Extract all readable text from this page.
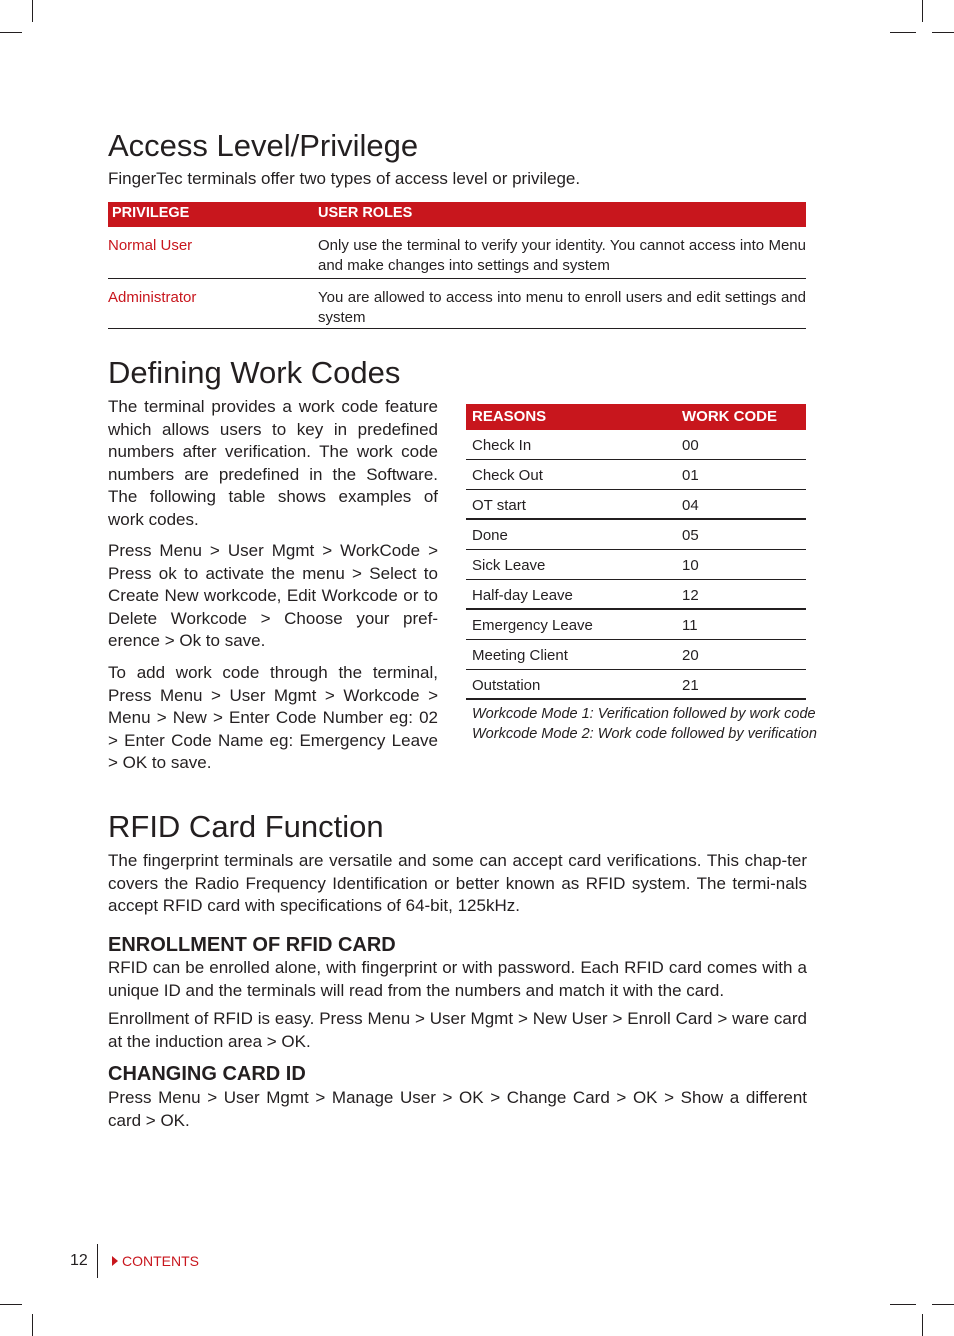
Access Level/Privilege

FingerTec terminals offer two types of access level or privilege.

PRIVILEGE	USER ROLES
Normal User	Only use the terminal to verify your identity. You cannot access into Menu and make changes into settings and system
Administrator	You are allowed to access into menu to enroll users and edit settings and system
Defining Work Codes

The terminal provides a work code feature which allows users to key in predefined numbers after verification. The work code numbers are predefined in the Software. The following table shows examples of work codes.

Press Menu > User Mgmt > WorkCode > Press ok to activate the menu > Select to Create New workcode, Edit Workcode or to Delete Workcode > Choose your pref-erence > Ok to save.

To add work code through the terminal, Press Menu > User Mgmt > Workcode > Menu > New > Enter Code Number eg: 02 > Enter Code Name eg: Emergency Leave > OK to save.

REASONS	WORK CODE
Check In	00
Check Out	01
OT start	04
Done	05
Sick Leave	10
Half-day Leave	12
Emergency Leave	11
Meeting Client	20
Outstation	21
Workcode Mode 1: Verification followed by work code
Workcode Mode 2: Work code followed by verification
RFID Card Function

The fingerprint terminals are versatile and some can accept card verifications. This chap-ter covers the Radio Frequency Identification or better known as RFID system. The termi-nals accept RFID card with specifications of 64-bit, 125kHz.

ENROLLMENT OF RFID CARD

RFID can be enrolled alone, with fingerprint or with password. Each RFID card comes with a unique ID and the terminals will read from the numbers and match it with the card.

Enrollment of RFID is easy. Press Menu > User Mgmt > New User > Enroll Card > ware card at the induction area > OK.

CHANGING CARD ID

Press Menu > User Mgmt > Manage User > OK > Change Card > OK > Show a different card > OK.

12	CONTENTS
